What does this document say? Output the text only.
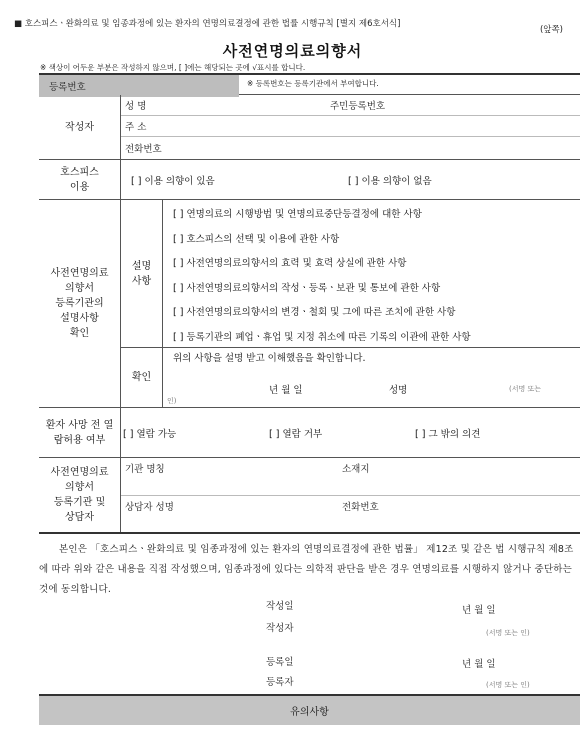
■ 호스피스ㆍ완화의료 및 임종과정에 있는 환자의 연명의료결정에 관한 법률 시행규칙 [별지 제6호서식]
(앞쪽)
사전연명의료의향서
※ 색상이 어두운 부분은 작성하지 않으며, [ ]에는 해당되는 곳에 √표시를 합니다.
등록번호	※ 등록번호는 등록기관에서 부여합니다.
작성자
성 명	주민등록번호
주 소
전화번호
호스피스 이용
[ ] 이용 의향이 있음	[ ] 이용 의향이 없음
사전연명의료
의향서
등록기관의
설명사항
확인
설명 사항
[ ] 연명의료의 시행방법 및 연명의료중단등결정에 대한 사항
[ ] 호스피스의 선택 및 이용에 관한 사항
[ ] 사전연명의료의향서의 효력 및 효력 상실에 관한 사항
[ ] 사전연명의료의향서의 작성ㆍ등록ㆍ보관 및 통보에 관한 사항
[ ] 사전연명의료의향서의 변경ㆍ철회 및 그에 따른 조치에 관한 사항
[ ] 등록기관의 폐업ㆍ휴업 및 지정 취소에 따른 기록의 이관에 관한 사항
확인
위의 사항을 설명 받고 이해했음을 확인합니다.
년 월 일	성명	(서명 또는
인)
환자 사망 전 열람허용 여부
[ ] 열람 가능	[ ] 열람 거부	[ ] 그 밖의 의견
사전연명의료
의향서
등록기관 및
상담자
기관 명칭	소재지
상담자 성명	전화번호
본인은 「호스피스ㆍ완화의료 및 임종과정에 있는 환자의 연명의료결정에 관한 법률」 제12조 및 같은 법 시행규칙 제8조에 따라 위와 같은 내용을 직접 작성했으며, 임종과정에 있다는 의학적 판단을 받은 경우 연명의료를 시행하지 않거나 중단하는 것에 동의합니다.
작성일	년 월 일
작성자	(서명 또는 인)
등록일	년 월 일
등록자	(서명 또는 인)
유의사항
